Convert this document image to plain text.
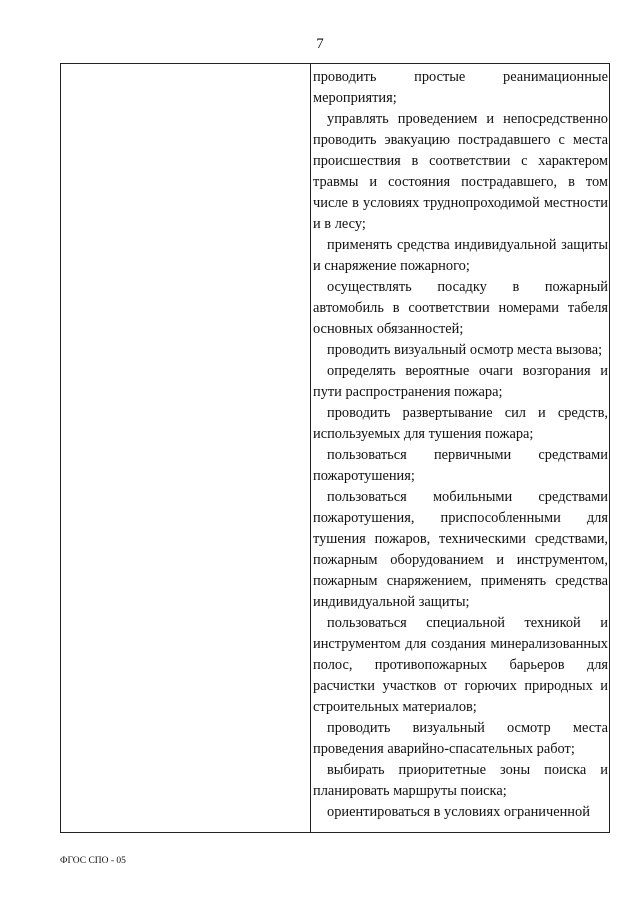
7

проводить простые реанимационные мероприятия;

управлять проведением и непосредственно проводить эвакуацию пострадавшего с места происшествия в соответствии с характером травмы и состояния пострадавшего, в том числе в условиях труднопроходимой местности и в лесу;

применять средства индивидуальной защиты и снаряжение пожарного;

осуществлять посадку в пожарный автомобиль в соответствии номерами табеля основных обязанностей;

проводить визуальный осмотр места вызова;

определять вероятные очаги возгорания и пути распространения пожара;

проводить развертывание сил и средств, используемых для тушения пожара;

пользоваться первичными средствами пожаротушения;

пользоваться мобильными средствами пожаротушения, приспособленными для тушения пожаров, техническими средствами, пожарным оборудованием и инструментом, пожарным снаряжением, применять средства индивидуальной защиты;

пользоваться специальной техникой и инструментом для создания минерализованных полос, противопожарных барьеров для расчистки участков от горючих природных и строительных материалов;

проводить визуальный осмотр места проведения аварийно-спасательных работ;

выбирать приоритетные зоны поиска и планировать маршруты поиска;

ориентироваться в условиях ограниченной

ФГОС СПО - 05
